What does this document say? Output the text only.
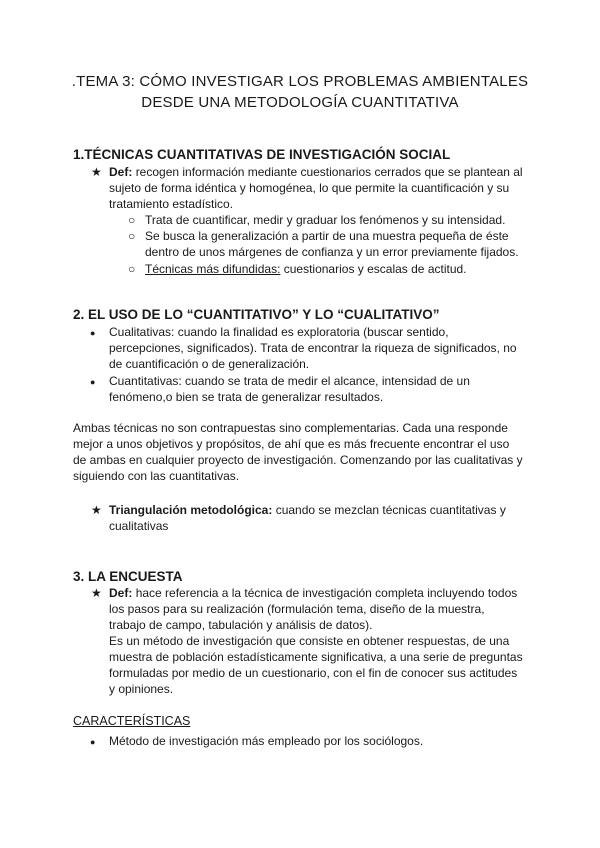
.TEMA 3: CÓMO INVESTIGAR LOS PROBLEMAS AMBIENTALES
DESDE UNA METODOLOGÍA CUANTITATIVA
1.TÉCNICAS CUANTITATIVAS DE INVESTIGACIÓN SOCIAL
★ Def: recogen información mediante cuestionarios cerrados que se plantean al
sujeto de forma idéntica y homogénea, lo que permite la cuantificación y su
tratamiento estadístico.
○ Trata de cuantificar, medir y graduar los fenómenos y su intensidad.
○ Se busca la generalización a partir de una muestra pequeña de éste
dentro de unos márgenes de confianza y un error previamente fijados.
○ Técnicas más difundidas: cuestionarios y escalas de actitud.
2. EL USO DE LO “CUANTITATIVO” Y LO “CUALITATIVO”
● Cualitativas: cuando la finalidad es exploratoria (buscar sentido,
percepciones, significados). Trata de encontrar la riqueza de significados, no
de cuantificación o de generalización.
● Cuantitativas: cuando se trata de medir el alcance, intensidad de un
fenómeno,o bien se trata de generalizar resultados.
Ambas técnicas no son contrapuestas sino complementarias. Cada una responde
mejor a unos objetivos y propósitos, de ahí que es más frecuente encontrar el uso
de ambas en cualquier proyecto de investigación. Comenzando por las cualitativas y
siguiendo con las cuantitativas.
★ Triangulación metodológica: cuando se mezclan técnicas cuantitativas y
cualitativas
3. LA ENCUESTA
★ Def: hace referencia a la técnica de investigación completa incluyendo todos
los pasos para su realización (formulación tema, diseño de la muestra,
trabajo de campo, tabulación y análisis de datos).
Es un método de investigación que consiste en obtener respuestas, de una
muestra de población estadísticamente significativa, a una serie de preguntas
formuladas por medio de un cuestionario, con el fin de conocer sus actitudes
y opiniones.
CARACTERÍSTICAS
● Método de investigación más empleado por los sociólogos.
